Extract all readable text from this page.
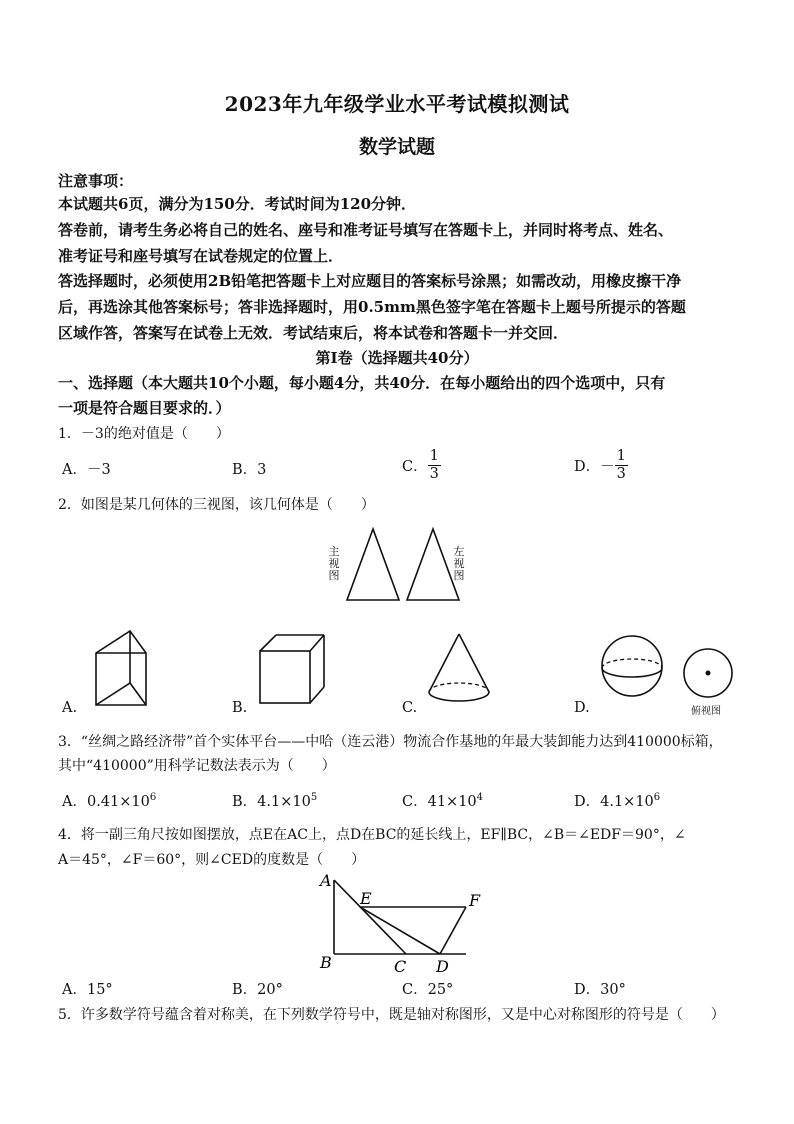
2023年九年级学业水平考试模拟测试
数学试题
注意事项：
本试题共6页，满分为150分．考试时间为120分钟．
答卷前，请考生务必将自己的姓名、座号和准考证号填写在答题卡上，并同时将考点、姓名、
准考证号和座号填写在试卷规定的位置上．
答选择题时，必须使用2B铅笔把答题卡上对应题目的答案标号涂黑；如需改动，用橡皮擦干净
后，再选涂其他答案标号；答非选择题时，用0.5mm黑色签字笔在答题卡上题号所提示的答题
区域作答，答案写在试卷上无效．考试结束后，将本试卷和答题卡一并交回．
第Ⅰ卷（选择题共40分）
一、选择题（本大题共10个小题，每小题4分，共40分．在每小题给出的四个选项中，只有
一项是符合题目要求的．）
1．－3的绝对值是（　　）
A．－3	B．3	C． $\frac{1}{3}$	D．－ $\frac{1}{3}$
2．如图是某几何体的三视图，该几何体是（　　）
主
视
图
左
视
图
A.	B.	C.	俯视图
D.
3．“丝绸之路经济带”首个实体平台——中哈（连云港）物流合作基地的年最大装卸能力达到410000标箱，
其中“410000”用科学记数法表示为（　　）
A．$0.41\times 10^6$	B．$4.1\times 10^5$	C．$41\times 10^4$	D．$4.1\times 10^6$
4．将一副三角尺按如图摆放，点E在AC上，点D在BC的延长线上，EF∥BC，∠B＝∠EDF＝90°，∠
A＝45°，∠F＝60°，则∠CED的度数是（　　）
A
B	C D
E	F
A．15°	B．20°	C．25°	D．30°
5．许多数学符号蕴含着对称美，在下列数学符号中，既是轴对称图形，又是中心对称图形的符号是（　　）
